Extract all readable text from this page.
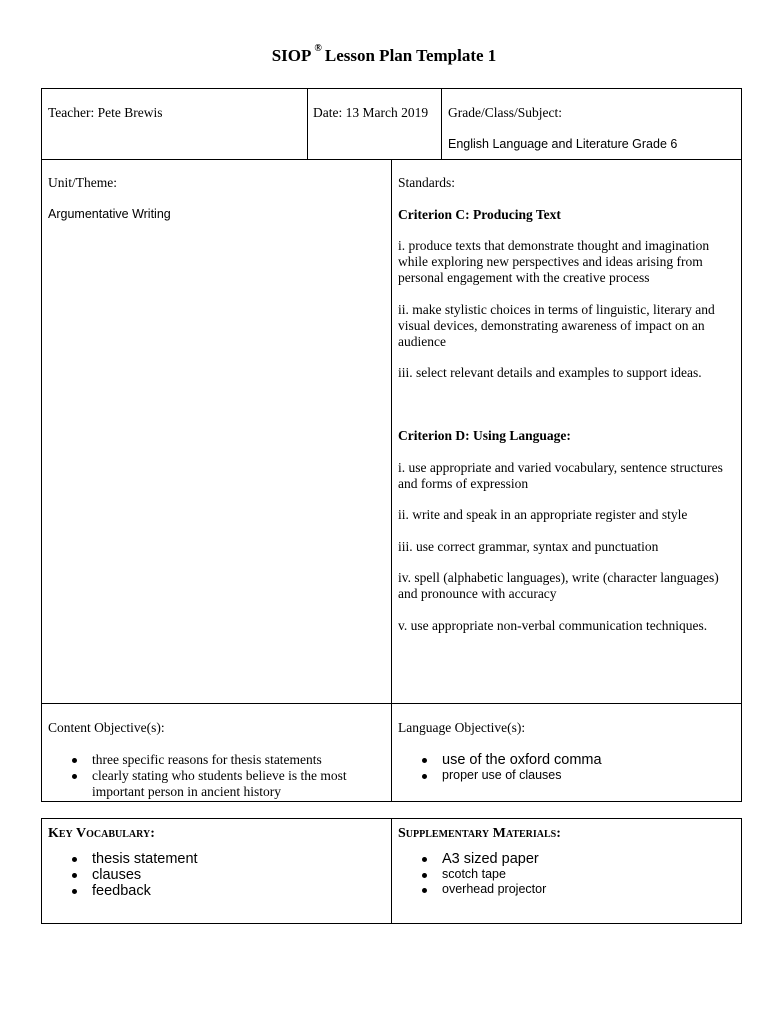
SIOP ® Lesson Plan Template 1
Teacher: Pete Brewis	Date: 13 March 2019 Grade/Class/Subject:
English Language and Literature Grade 6
Unit/Theme:
Argumentative Writing

Standards:

Criterion C: Producing Text

i. produce texts that demonstrate thought and imagination while exploring new perspectives and ideas arising from personal engagement with the creative process

ii. make stylistic choices in terms of linguistic, literary and visual devices, demonstrating awareness of impact on an audience

iii. select relevant details and examples to support ideas.

Criterion D: Using Language:

i. use appropriate and varied vocabulary, sentence structures and forms of expression

ii. write and speak in an appropriate register and style

iii. use correct grammar, syntax and punctuation

iv. spell (alphabetic languages), write (character languages) and pronounce with accuracy

v. use appropriate non-verbal communication techniques.

Content Objective(s):
three specific reasons for thesis statements
clearly stating who students believe is the most important person in ancient history
Language Objective(s):
use of the oxford comma
proper use of clauses
Key Vocabulary:
thesis statement
clauses
feedback
Supplementary Materials:
A3 sized paper
scotch tape
overhead projector
